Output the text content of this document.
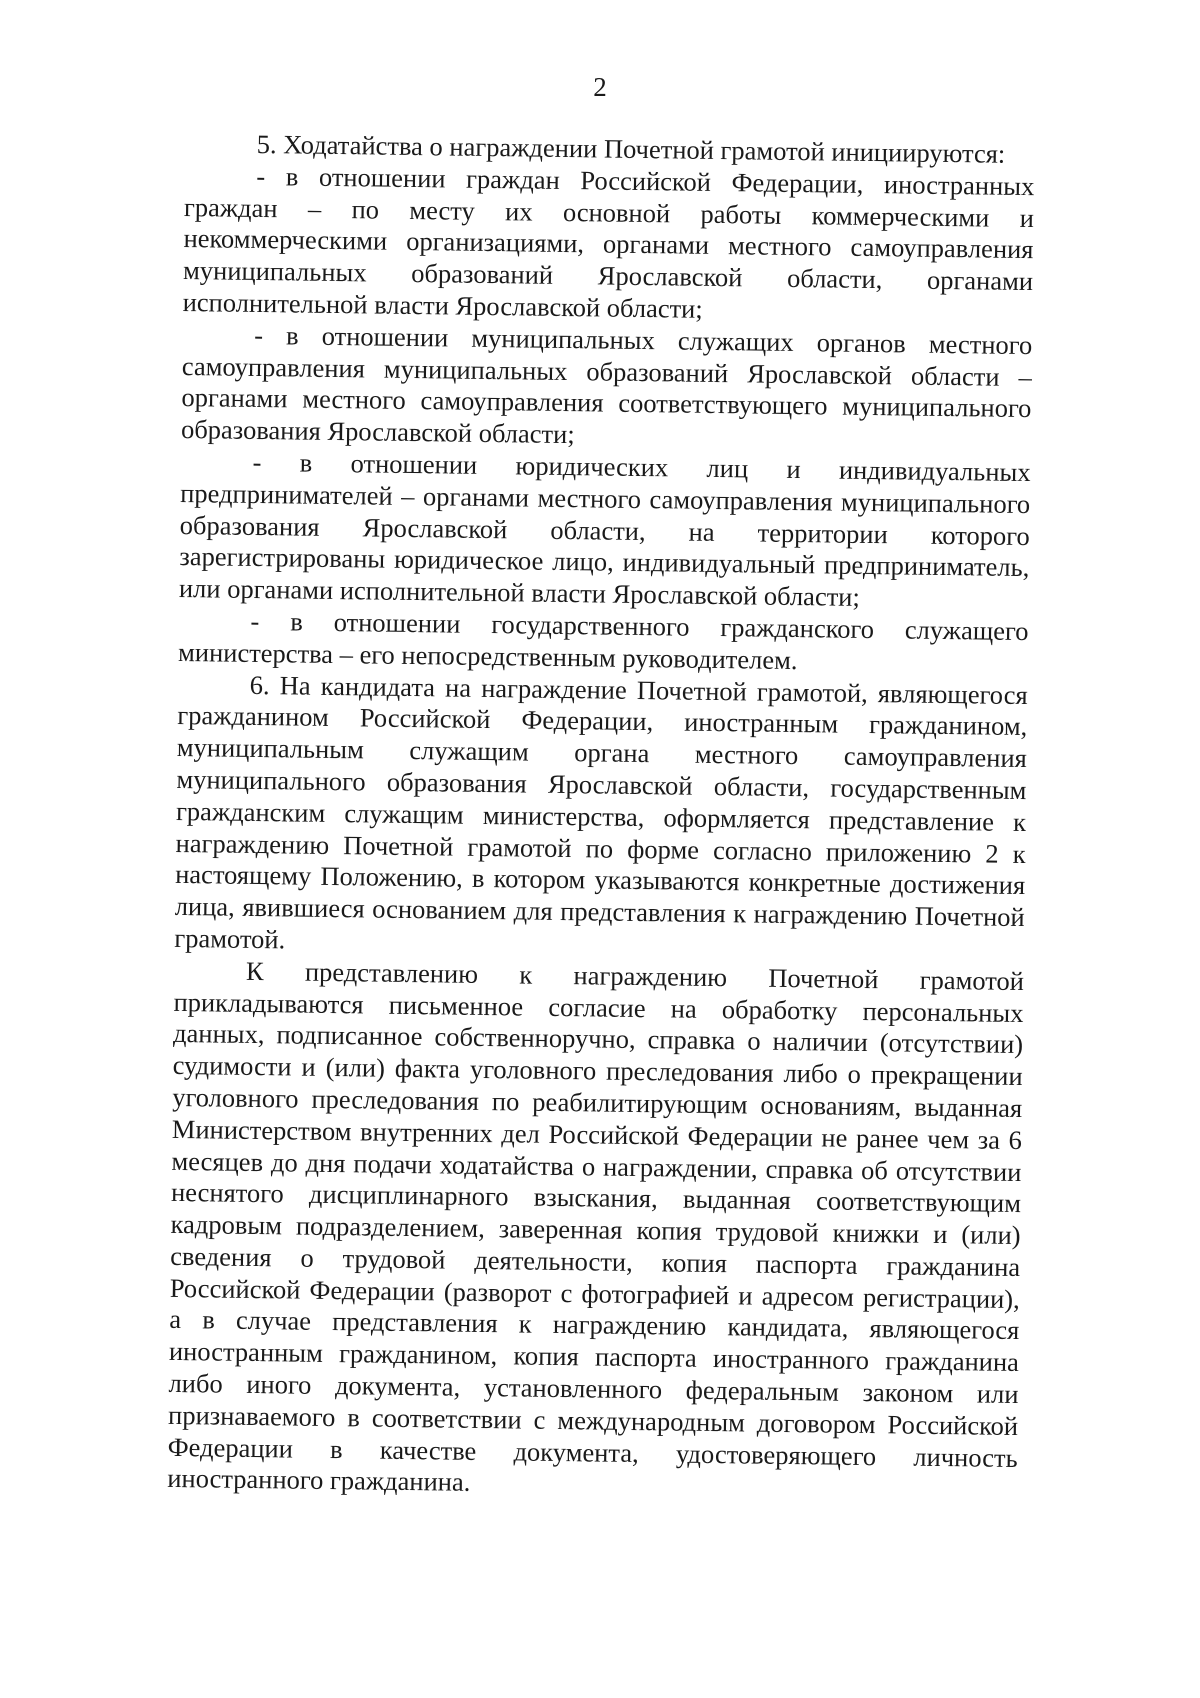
2

5. Ходатайства о награждении Почетной грамотой инициируются:

- в отношении граждан Российской Федерации, иностранных граждан – по месту их основной работы коммерческими и некоммерческими организациями, органами местного самоуправления муниципальных образований Ярославской области, органами исполнительной власти Ярославской области;

- в отношении муниципальных служащих органов местного самоуправления муниципальных образований Ярославской области – органами местного самоуправления соответствующего муниципального образования Ярославской области;

- в отношении юридических лиц и индивидуальных предпринимателей – органами местного самоуправления муниципального образования Ярославской области, на территории которого зарегистрированы юридическое лицо, индивидуальный предприниматель, или органами исполнительной власти Ярославской области;

- в отношении государственного гражданского служащего министерства – его непосредственным руководителем.

6. На кандидата на награждение Почетной грамотой, являющегося гражданином Российской Федерации, иностранным гражданином, муниципальным служащим органа местного самоуправления муниципального образования Ярославской области, государственным гражданским служащим министерства, оформляется представление к награждению Почетной грамотой по форме согласно приложению 2 к настоящему Положению, в котором указываются конкретные достижения лица, явившиеся основанием для представления к награждению Почетной грамотой.

К представлению к награждению Почетной грамотой прикладываются письменное согласие на обработку персональных данных, подписанное собственноручно, справка о наличии (отсутствии) судимости и (или) факта уголовного преследования либо о прекращении уголовного преследования по реабилитирующим основаниям, выданная Министерством внутренних дел Российской Федерации не ранее чем за 6 месяцев до дня подачи ходатайства о награждении, справка об отсутствии неснятого дисциплинарного взыскания, выданная соответствующим кадровым подразделением, заверенная копия трудовой книжки и (или) сведения о трудовой деятельности, копия паспорта гражданина Российской Федерации (разворот с фотографией и адресом регистрации), а в случае представления к награждению кандидата, являющегося иностранным гражданином, копия паспорта иностранного гражданина либо иного документа, установленного федеральным законом или признаваемого в соответствии с международным договором Российской Федерации в качестве документа, удостоверяющего личность иностранного гражданина.
